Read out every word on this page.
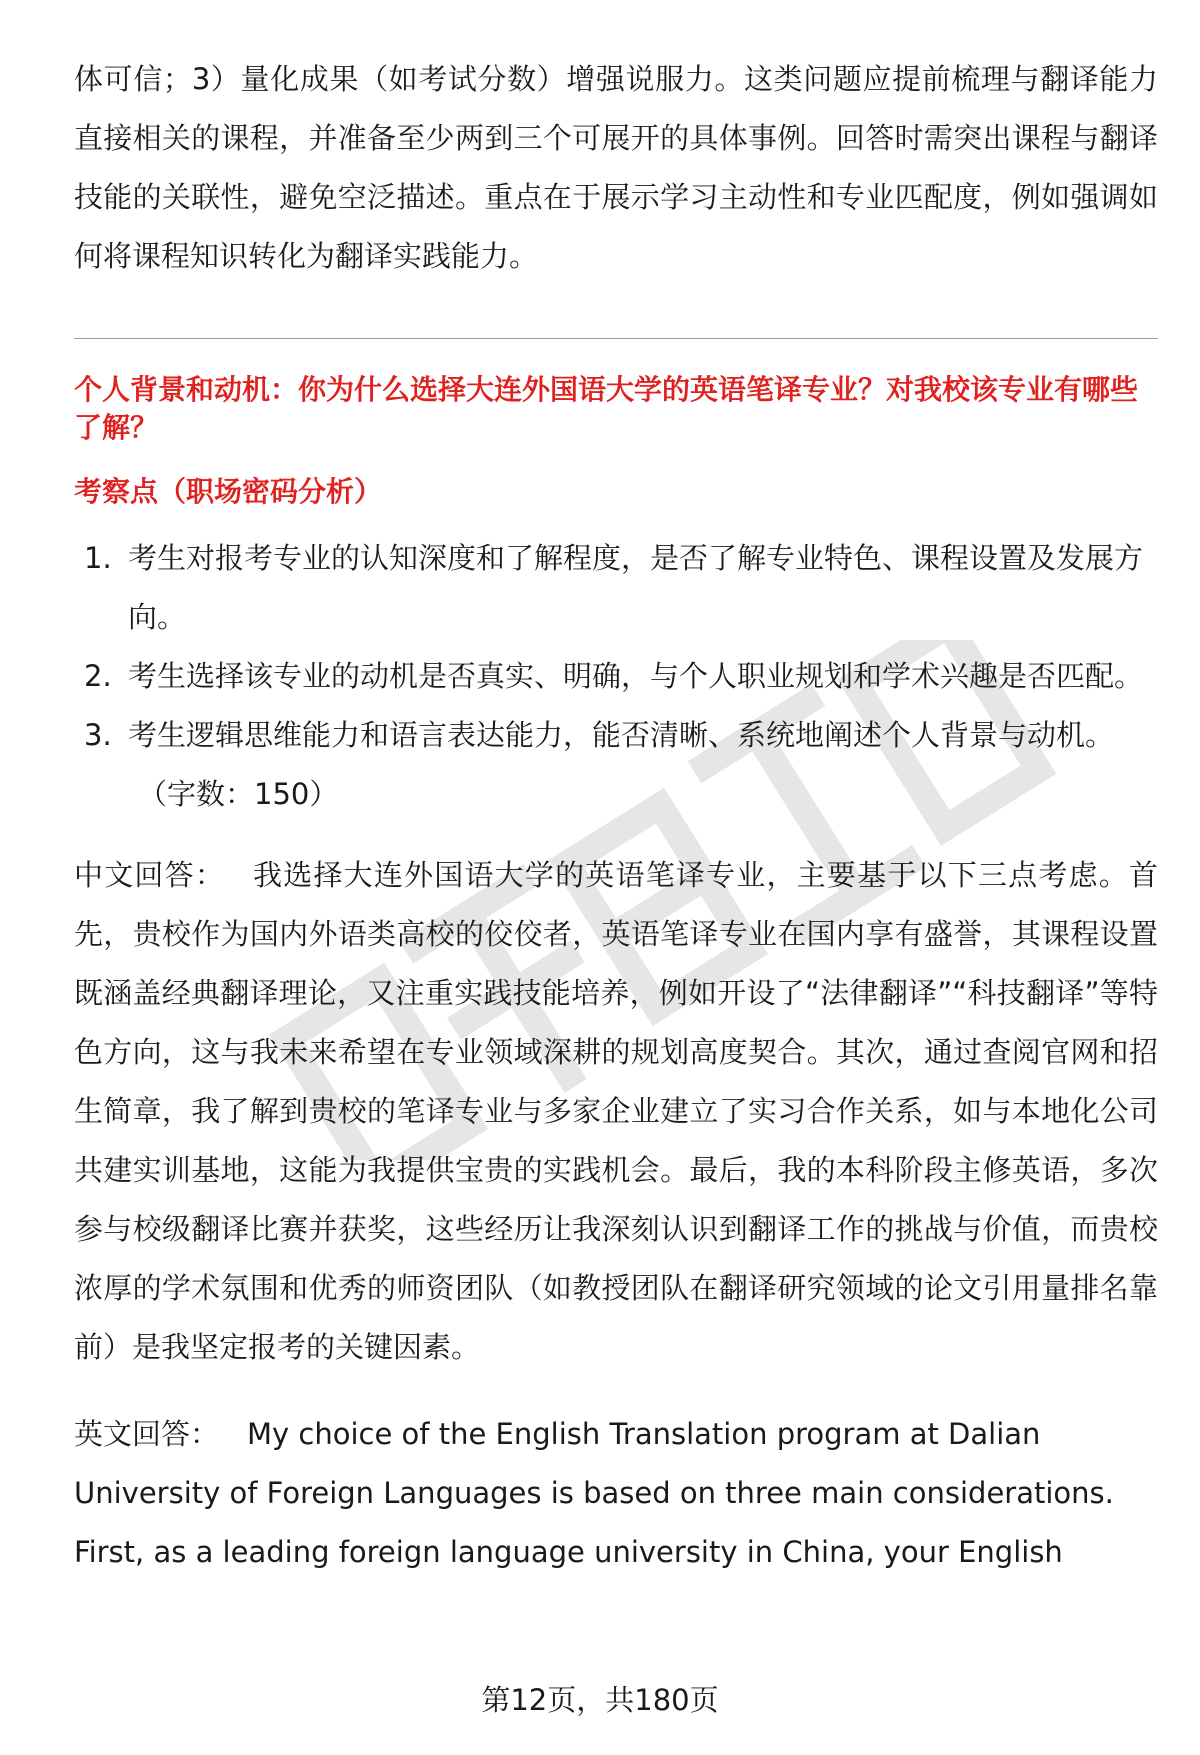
体可信；3）量化成果（如考试分数）增强说服力。这类问题应提前梳理与翻译能力直接相关的课程，并准备至少两到三个可展开的具体事例。回答时需突出课程与翻译技能的关联性，避免空泛描述。重点在于展示学习主动性和专业匹配度，例如强调如何将课程知识转化为翻译实践能力。

个人背景和动机：你为什么选择大连外国语大学的英语笔译专业？对我校该专业有哪些了解？

考察点（职场密码分析）

1. 考生对报考专业的认知深度和了解程度，是否了解专业特色、课程设置及发展方向。
2. 考生选择该专业的动机是否真实、明确，与个人职业规划和学术兴趣是否匹配。
3. 考生逻辑思维能力和语言表达能力，能否清晰、系统地阐述个人背景与动机。

（字数：150）

中文回答： 我选择大连外国语大学的英语笔译专业，主要基于以下三点考虑。首先，贵校作为国内外语类高校的佼佼者，英语笔译专业在国内享有盛誉，其课程设置既涵盖经典翻译理论，又注重实践技能培养，例如开设了“法律翻译”“科技翻译”等特色方向，这与我未来希望在专业领域深耕的规划高度契合。其次，通过查阅官网和招生简章，我了解到贵校的笔译专业与多家企业建立了实习合作关系，如与本地化公司共建实训基地，这能为我提供宝贵的实践机会。最后，我的本科阶段主修英语，多次参与校级翻译比赛并获奖，这些经历让我深刻认识到翻译工作的挑战与价值，而贵校浓厚的学术氛围和优秀的师资团队（如教授团队在翻译研究领域的论文引用量排名靠前）是我坚定报考的关键因素。

英文回答： My choice of the English Translation program at Dalian University of Foreign Languages is based on three main considerations. First, as a leading foreign language university in China, your English

第12页，共180页
